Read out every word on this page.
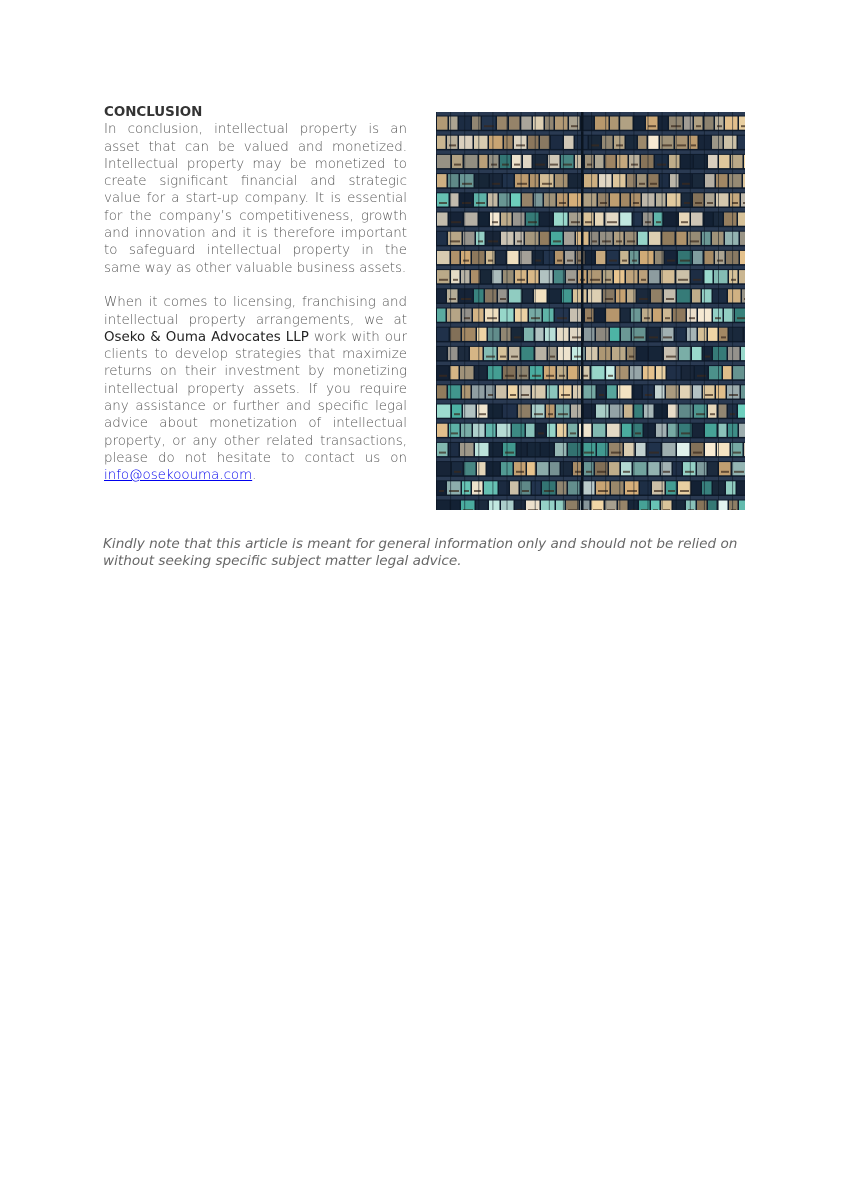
CONCLUSION

In conclusion, intellectual property is an asset that can be valued and monetized. Intellectual property may be monetized to create significant financial and strategic value for a start-up company. It is essential for the company’s competitiveness, growth and innovation and it is therefore important to safeguard intellectual property in the same way as other valuable business assets.

When it comes to licensing, franchising and intellectual property arrangements, we at Oseko & Ouma Advocates LLP work with our clients to develop strategies that maximize returns on their investment by monetizing intellectual property assets. If you require any assistance or further and specific legal advice about monetization of intellectual property, or any other related transactions, please do not hesitate to contact us on info@osekoouma.com.

Kindly note that this article is meant for general information only and should not be relied on without seeking specific subject matter legal advice.
